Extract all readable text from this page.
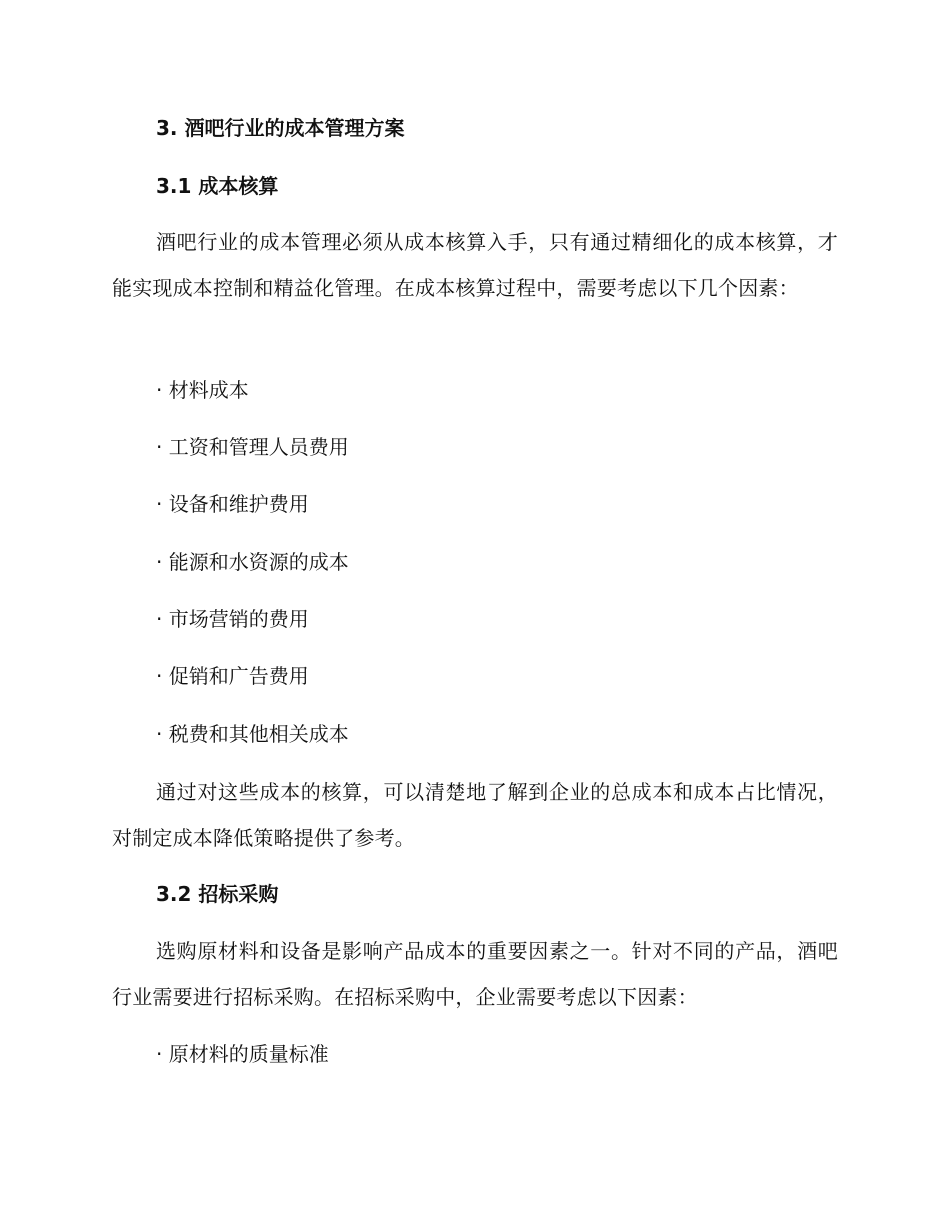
3. 酒吧行业的成本管理方案
3.1 成本核算

酒吧行业的成本管理必须从成本核算入手，只有通过精细化的成本核算，才能实现成本控制和精益化管理。在成本核算过程中，需要考虑以下几个因素：

· 材料成本

· 工资和管理人员费用

· 设备和维护费用

· 能源和水资源的成本

· 市场营销的费用

· 促销和广告费用

· 税费和其他相关成本

通过对这些成本的核算，可以清楚地了解到企业的总成本和成本占比情况，对制定成本降低策略提供了参考。

3.2 招标采购

选购原材料和设备是影响产品成本的重要因素之一。针对不同的产品，酒吧行业需要进行招标采购。在招标采购中，企业需要考虑以下因素：

· 原材料的质量标准
